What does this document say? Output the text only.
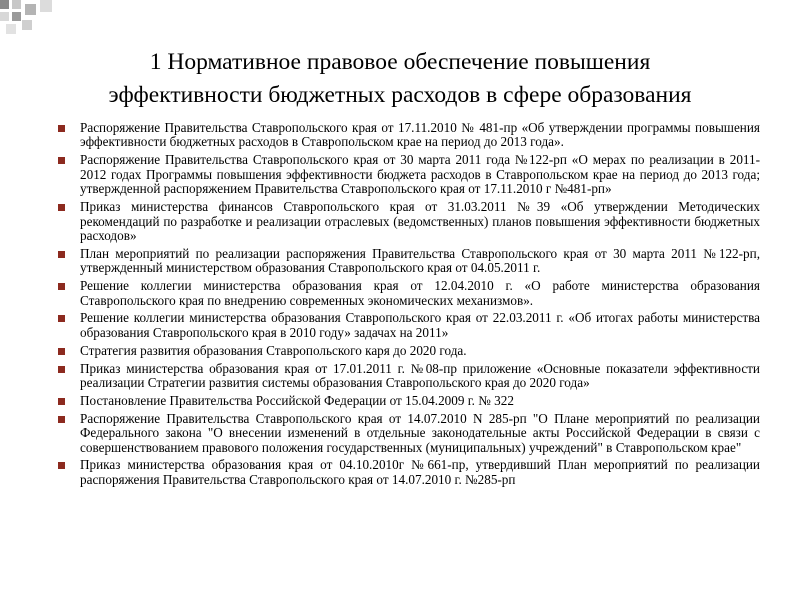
1 Нормативное правовое обеспечение повышения
эффективности бюджетных расходов в сфере образования
Распоряжение Правительства Ставропольского края от 17.11.2010 № 481-пр «Об утверждении программы повышения эффективности бюджетных расходов в Ставропольском крае на период до 2013 года».
Распоряжение Правительства Ставропольского края от 30 марта 2011 года №122-рп «О мерах по реализации в 2011-2012 годах Программы повышения эффективности бюджета расходов в Ставропольском крае на период до 2013 года; утвержденной распоряжением Правительства Ставропольского края от 17.11.2010 г №481-рп»
Приказ министерства финансов Ставропольского края от 31.03.2011 №39 «Об утверждении Методических рекомендаций по разработке и реализации отраслевых (ведомственных) планов повышения эффективности бюджетных расходов»
План мероприятий по реализации распоряжения Правительства Ставропольского края от 30 марта 2011 №122-рп, утвержденный министерством образования Ставропольского края от 04.05.2011 г.
Решение коллегии министерства образования края от 12.04.2010 г. «О работе министерства образования Ставропольского края по внедрению современных экономических механизмов».
Решение коллегии министерства образования Ставропольского края от 22.03.2011 г. «Об итогах работы министерства образования Ставропольского края в 2010 году» задачах на 2011»
Стратегия развития образования Ставропольского каря до 2020 года.
Приказ министерства образования края от 17.01.2011 г. №08-пр приложение «Основные показатели эффективности реализации Стратегии развития системы образования Ставропольского края до 2020 года»
Постановление Правительства Российской Федерации от 15.04.2009 г. № 322
Распоряжение Правительства Ставропольского края от 14.07.2010 N 285-рп "О Плане мероприятий по реализации Федерального закона "О внесении изменений в отдельные законодательные акты Российской Федерации в связи с совершенствованием правового положения государственных (муниципальных) учреждений" в Ставропольском крае"
Приказ министерства образования края от 04.10.2010г №661-пр, утвердивший План мероприятий по реализации распоряжения Правительства Ставропольского края от 14.07.2010 г. №285-рп
